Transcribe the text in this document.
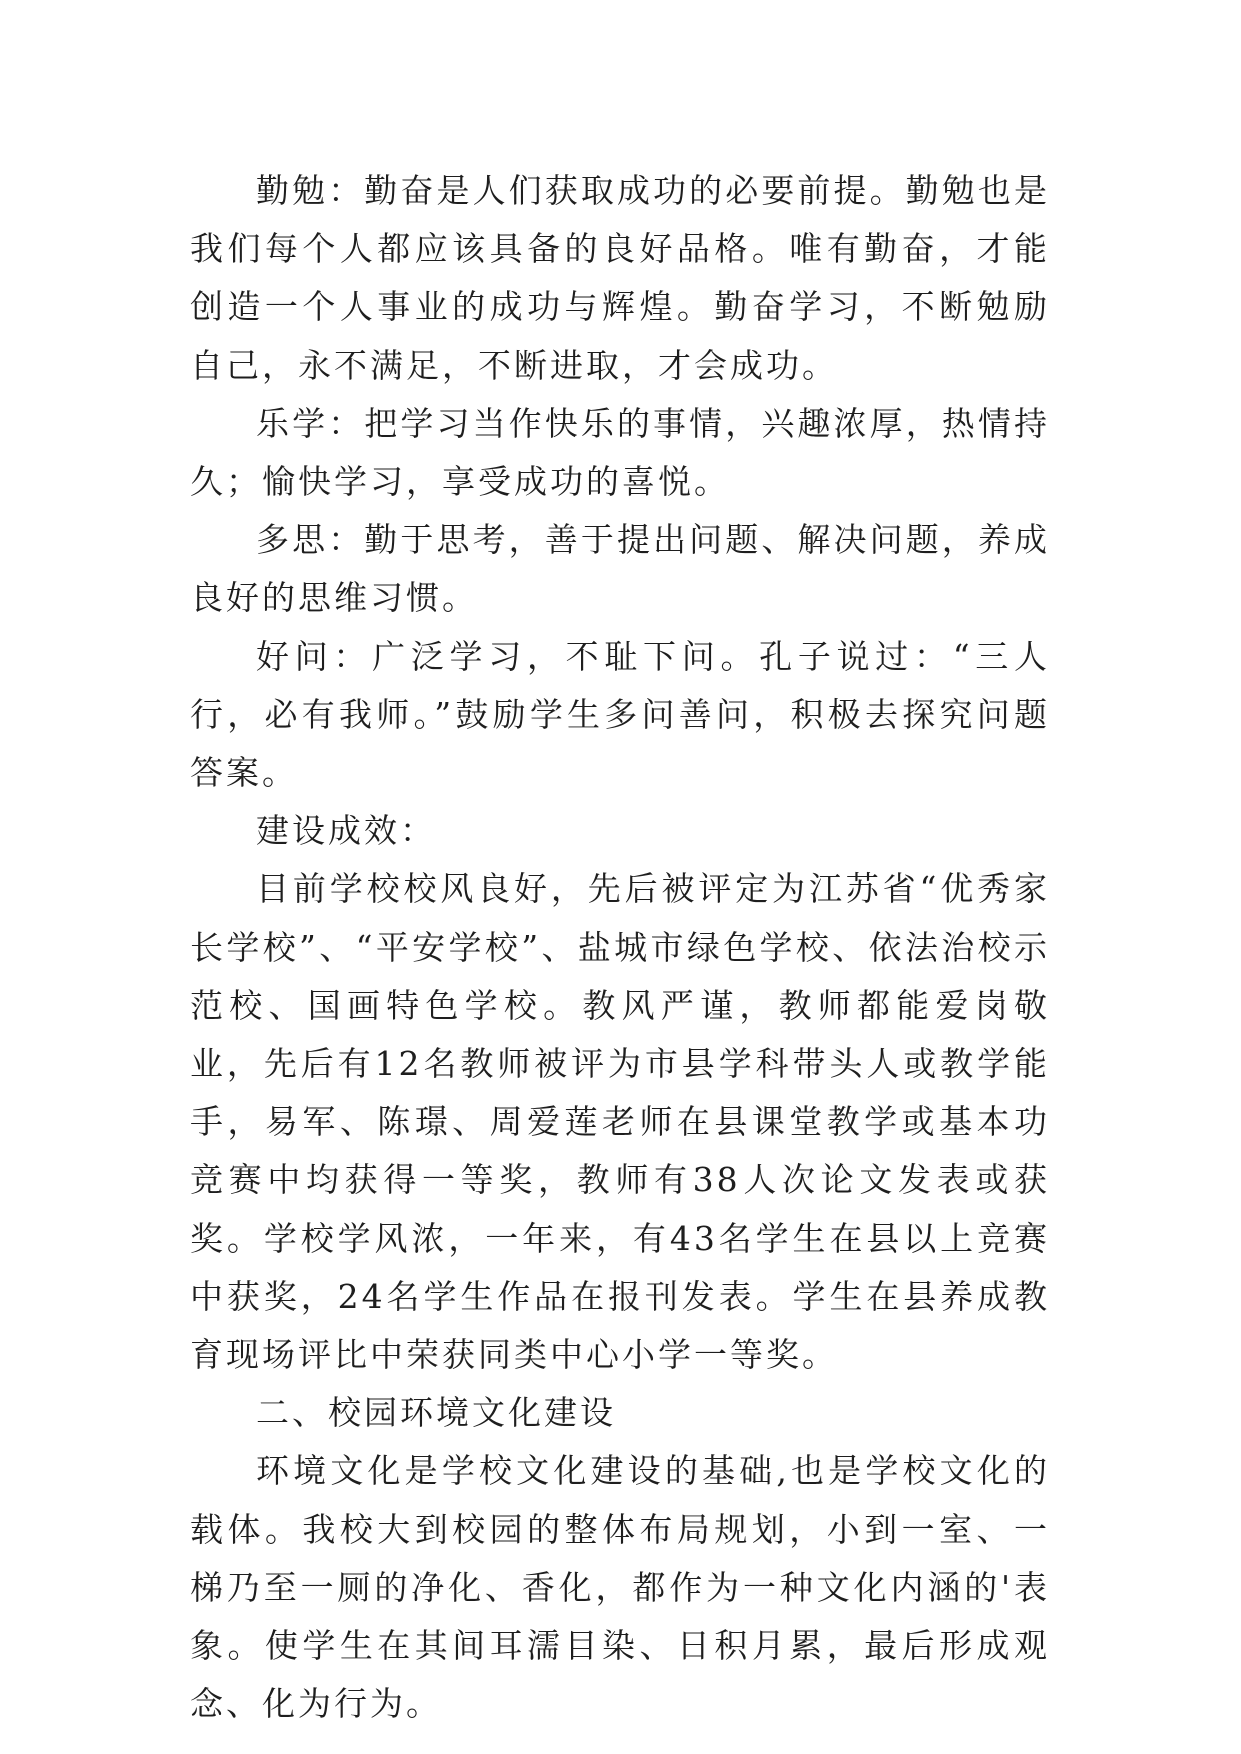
勤勉：勤奋是人们获取成功的必要前提。勤勉也是我们每个人都应该具备的良好品格。唯有勤奋，才能创造一个人事业的成功与辉煌。勤奋学习，不断勉励自己，永不满足，不断进取，才会成功。

乐学：把学习当作快乐的事情，兴趣浓厚，热情持久；愉快学习，享受成功的喜悦。

多思：勤于思考，善于提出问题、解决问题，养成良好的思维习惯。

好问：广泛学习，不耻下问。孔子说过：“三人行，必有我师。”鼓励学生多问善问，积极去探究问题答案。

建设成效：

目前学校校风良好，先后被评定为江苏省“优秀家长学校”、“平安学校”、盐城市绿色学校、依法治校示范校、国画特色学校。教风严谨，教师都能爱岗敬业，先后有12名教师被评为市县学科带头人或教学能手，易军、陈璟、周爱莲老师在县课堂教学或基本功竞赛中均获得一等奖，教师有38人次论文发表或获奖。学校学风浓，一年来，有43名学生在县以上竞赛中获奖，24名学生作品在报刊发表。学生在县养成教育现场评比中荣获同类中心小学一等奖。

二、校园环境文化建设

环境文化是学校文化建设的基础,也是学校文化的载体。我校大到校园的整体布局规划，小到一室、一梯乃至一厕的净化、香化，都作为一种文化内涵的'表象。使学生在其间耳濡目染、日积月累，最后形成观念、化为行为。
